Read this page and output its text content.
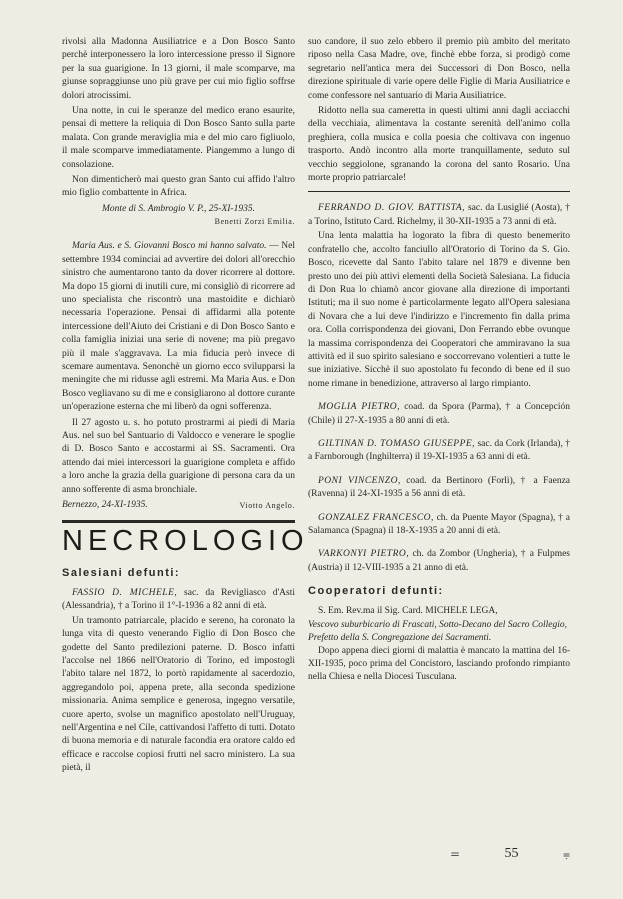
rivolsi alla Madonna Ausiliatrice e a Don Bosco Santo perchè interponessero la loro intercessione presso il Signore per la sua guarigione. In 13 giorni, il male scomparve, ma giunse sopraggiunse uno più grave per cui mio figlio soffrse dolori atrocissimi.

Una notte, in cui le speranze del medico erano esaurite, pensai di mettere la reliquia di Don Bosco Santo sulla parte malata. Con grande meraviglia mia e del mio caro figliuolo, il male scomparve immediatamente. Piangemmo a lungo di consolazione.

Non dimenticherò mai questo gran Santo cui affido l'altro mio figlio combattente in Africa.

Monte di S. Ambrogio V. P., 25-XI-1935.
Benetti Zorzi Emilia.

Maria Aus. e S. Giovanni Bosco mi hanno salvato. — Nel settembre 1934 cominciai ad avvertire dei dolori all'orecchio sinistro che aumentarono tanto da dover ricorrere al dottore. Ma dopo 15 giorni di inutili cure, mi consigliò di ricorrere ad uno specialista che riscontrò una mastoidite e dichiarò necessaria l'operazione. Pensai di affidarmi alla potente intercessione dell'Aiuto dei Cristiani e di Don Bosco Santo e colla famiglia iniziai una serie di novene; ma più pregavo più il male s'aggravava. La mia fiducia però invece di scemare aumentava. Senonchè un giorno ecco svilupparsi la meningite che mi ridusse agli estremi. Ma Maria Aus. e Don Bosco vegliavano su di me e consigliarono al dottore curante un'operazione esterna che mi liberò da ogni sofferenza.

Il 27 agosto u. s. ho potuto prostrarmi ai piedi di Maria Aus. nel suo bel Santuario di Valdocco e venerare le spoglie di D. Bosco Santo e accostarmi ai SS. Sacramenti. Ora attendo dai miei intercessori la guarigione completa e affido a loro anche la grazia della guarigione di persona cara da un anno sofferente di asma bronchiale.

Bernezzo, 24-XI-1935.	Viotto Angelo.
NECROLOGIO
Salesiani defunti:

FASSIO D. MICHELE, sac. da Revigliasco d'Asti (Alessandria), † a Torino il 1°-I-1936 a 82 anni di età.

Un tramonto patriarcale, placido e sereno, ha coronato la lunga vita di questo venerando Figlio di Don Bosco che godette del Santo predilezioni paterne. D. Bosco infatti l'accolse nel 1866 nell'Oratorio di Torino, ed impostogli l'abito talare nel 1872, lo portò rapidamente al sacerdozio, aggregandolo poi, appena prete, alla seconda spedizione missionaria. Anima semplice e generosa, ingegno versatile, cuore aperto, svolse un magnifico apostolato nell'Uruguay, nell'Argentina e nel Cile, cattivandosi l'affetto di tutti. Dotato di buona memoria e di naturale facondia era oratore caldo ed efficace e raccolse copiosi frutti nel sacro ministero. La sua pietà, il

suo candore, il suo zelo ebbero il premio più ambito del meritato riposo nella Casa Madre, ove, finchè ebbe forza, si prodigò come segretario nell'antica mera dei Successori di Don Bosco, nella direzione spirituale di varie opere delle Figlie di Maria Ausiliatrice e come confessore nel santuario di Maria Ausiliatrice.

Ridotto nella sua cameretta in questi ultimi anni dagli acciacchi della vecchiaia, alimentava la costante serenità dell'animo colla preghiera, colla musica e colla poesia che coltivava con ingenuo trasporto. Andò incontro alla morte tranquillamente, seduto sul vecchio seggiolone, sgranando la corona del santo Rosario. Una morte proprio patriarcale!

FERRANDO D. GIOV. BATTISTA, sac. da Lusiglié (Aosta), † a Torino, Istituto Card. Richelmy, il 30-XII-1935 a 73 anni di età.

Una lenta malattia ha logorato la fibra di questo benemerito confratello che, accolto fanciullo all'Oratorio di Torino da S. Gio. Bosco, ricevette dal Santo l'abito talare nel 1879 e divenne ben presto uno dei più attivi elementi della Società Salesiana. La fiducia di Don Rua lo chiamò ancor giovane alla direzione di importanti Istituti; ma il suo nome è particolarmente legato all'Opera salesiana di Novara che a lui deve l'indirizzo e l'incremento fin dalla prima ora. Colla corrispondenza dei giovani, Don Ferrando ebbe ovunque la massima corrispondenza dei Cooperatori che ammiravano la sua attività ed il suo spirito salesiano e soccorrevano volentieri a tutte le sue iniziative. Sicchè il suo apostolato fu fecondo di bene ed il suo nome rimane in benedizione, attraverso al largo rimpianto.

MOGLIA PIETRO, coad. da Spora (Parma), † a Concepción (Chile) il 27-X-1935 a 80 anni di età.

GILTINAN D. TOMASO GIUSEPPE, sac. da Cork (Irlanda), † a Farnborough (Inghilterra) il 19-XI-1935 a 63 anni di età.

PONI VINCENZO, coad. da Bertinoro (Forlì), † a Faenza (Ravenna) il 24-XI-1935 a 56 anni di età.

GONZALEZ FRANCESCO, ch. da Puente Mayor (Spagna), † a Salamanca (Spagna) il 18-X-1935 a 20 anni di età.

VARKONYI PIETRO, ch. da Zombor (Ungheria), † a Fulpmes (Austria) il 12-VIII-1935 a 21 anno di età.

Cooperatori defunti:
S. Em. Rev.ma il Sig. Card. MICHELE LEGA,
Vescovo suburbicario di Frascati, Sotto-Decano del Sacro Collegio, Prefetto della S. Congregazione dei Sacramenti.

Dopo appena dieci giorni di malattia è mancato la mattina del 16-XII-1935, poco prima del Concistoro, lasciando profondo rimpianto nella Chiesa e nella Diocesi Tusculana.

=	55	⩦
